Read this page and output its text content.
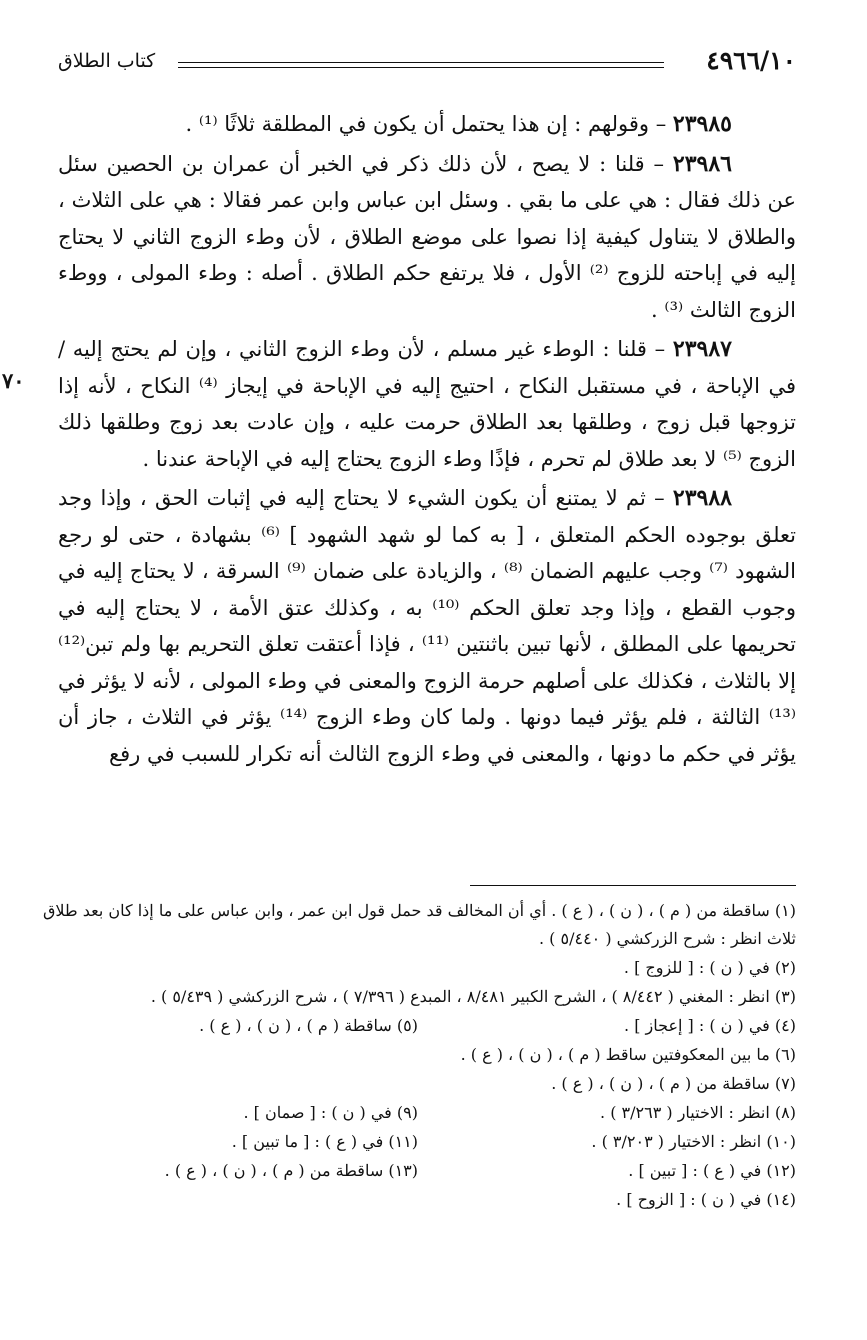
٤٩٦٦/١٠
كتاب الطلاق
٧٠

٢٣٩٨٥ – وقولهم : إن هذا يحتمل أن يكون في المطلقة ثلاثًا ⁽¹⁾ .

٢٣٩٨٦ – قلنا : لا يصح ، لأن ذلك ذكر في الخبر أن عمران بن الحصين سئل عن ذلك فقال : هي على ما بقي . وسئل ابن عباس وابن عمر فقالا : هي على الثلاث ، والطلاق لا يتناول كيفية إذا نصوا على موضع الطلاق ، لأن وطء الزوج الثاني لا يحتاج إليه في إباحته للزوج ⁽²⁾ الأول ، فلا يرتفع حكم الطلاق . أصله : وطء المولى ، ووطء الزوج الثالث ⁽³⁾ .

٢٣٩٨٧ – قلنا : الوطء غير مسلم ، لأن وطء الزوج الثاني ، وإن لم يحتج إليه / في الإباحة ، في مستقبل النكاح ، احتيج إليه في الإباحة في إيجاز ⁽⁴⁾ النكاح ، لأنه إذا تزوجها قبل زوج ، وطلقها بعد الطلاق حرمت عليه ، وإن عادت بعد زوج وطلقها ذلك الزوج ⁽⁵⁾ لا بعد طلاق لم تحرم ، فإذًا وطء الزوج يحتاج إليه في الإباحة عندنا .

٢٣٩٨٨ – ثم لا يمتنع أن يكون الشيء لا يحتاج إليه في إثبات الحق ، وإذا وجد تعلق بوجوده الحكم المتعلق ، [ به كما لو شهد الشهود ] ⁽⁶⁾ بشهادة ، حتى لو رجع الشهود ⁽⁷⁾ وجب عليهم الضمان ⁽⁸⁾ ، والزيادة على ضمان ⁽⁹⁾ السرقة ، لا يحتاج إليه في وجوب القطع ، وإذا وجد تعلق الحكم ⁽¹⁰⁾ به ، وكذلك عتق الأمة ، لا يحتاج إليه في تحريمها على المطلق ، لأنها تبين باثنتين ⁽¹¹⁾ ، فإذا أعتقت تعلق التحريم بها ولم تبن⁽¹²⁾ إلا بالثلاث ، فكذلك على أصلهم حرمة الزوج والمعنى في وطء المولى ، لأنه لا يؤثر في ⁽¹³⁾ الثالثة ، فلم يؤثر فيما دونها . ولما كان وطء الزوج ⁽¹⁴⁾ يؤثر في الثلاث ، جاز أن يؤثر في حكم ما دونها ، والمعنى في وطء الزوج الثالث أنه تكرار للسبب في رفع

(١) ساقطة من ( م ) ، ( ن ) ، ( ع ) . أي أن المخالف قد حمل قول ابن عمر ، وابن عباس على ما إذا كان بعد طلاق ثلاث انظر : شرح الزركشي ( ٥/٤٤٠ ) .
(٢) في ( ن ) : [ للزوج ] .
(٣) انظر : المغني ( ٨/٤٤٢ ) ، الشرح الكبير ٨/٤٨١ ، المبدع ( ٧/٣٩٦ ) ، شرح الزركشي ( ٥/٤٣٩ ) .
(٤) في ( ن ) : [ إعجاز ] .
(٥) ساقطة ( م ) ، ( ن ) ، ( ع ) .
(٦) ما بين المعكوفتين ساقط ( م ) ، ( ن ) ، ( ع ) .
(٧) ساقطة من ( م ) ، ( ن ) ، ( ع ) .
(٨) انظر : الاختيار ( ٣/٢٦٣ ) .
(٩) في ( ن ) : [ صمان ] .
(١٠) انظر : الاختيار ( ٣/٢٠٣ ) .
(١١) في ( ع ) : [ ما تبين ] .
(١٢) في ( ع ) : [ تبين ] .
(١٣) ساقطة من ( م ) ، ( ن ) ، ( ع ) .
(١٤) في ( ن ) : [ الزوح ] .
